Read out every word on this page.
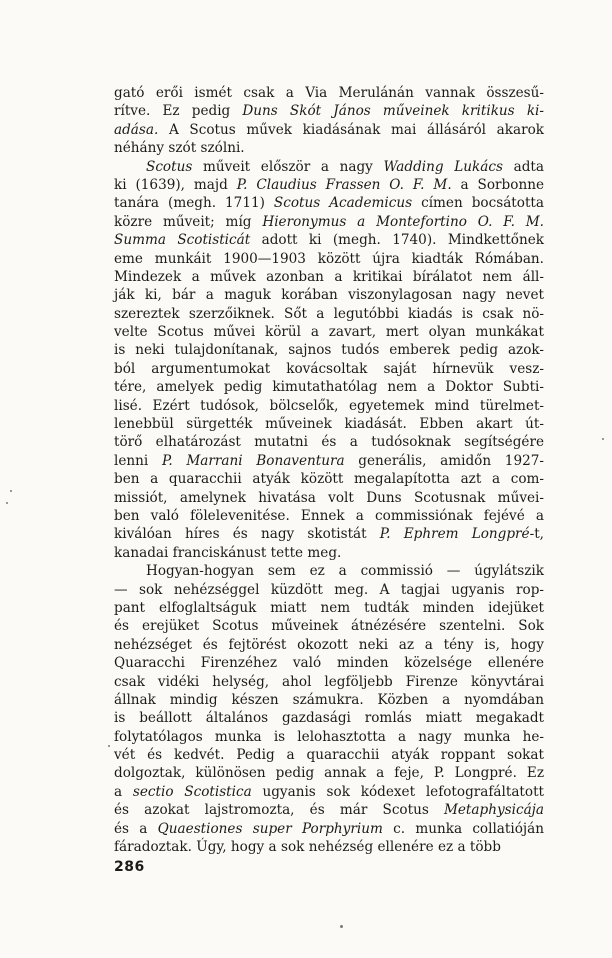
gató erői ismét csak a Via Merulánán vannak összesű-
rítve. Ez pedig Duns Skót János műveinek kritikus ki-
adása. A Scotus művek kiadásának mai állásáról akarok
néhány szót szólni.
Scotus műveit először a nagy Wadding Lukács adta
ki (1639), majd P. Claudius Frassen O. F. M. a Sorbonne
tanára (megh. 1711) Scotus Academicus címen bocsátotta
közre műveit; míg Hieronymus a Montefortino O. F. M.
Summa Scotisticát adott ki (megh. 1740). Mindkettőnek
eme munkáit 1900—1903 között újra kiadták Rómában.
Mindezek a művek azonban a kritikai bírálatot nem áll-
ják ki, bár a maguk korában viszonylagosan nagy nevet
szereztek szerzőiknek. Sőt a legutóbbi kiadás is csak nö-
velte Scotus művei körül a zavart, mert olyan munkákat
is neki tulajdonítanak, sajnos tudós emberek pedig azok-
ból argumentumokat kovácsoltak saját hírnevük vesz-
tére, amelyek pedig kimutathatólag nem a Doktor Subti-
lisé. Ezért tudósok, bölcselők, egyetemek mind türelmet-
lenebbül sürgették műveinek kiadását. Ebben akart út-
törő elhatározást mutatni és a tudósoknak segítségére
lenni P. Marrani Bonaventura generális, amidőn 1927-
ben a quaracchii atyák között megalapította azt a com-
missiót, amelynek hivatása volt Duns Scotusnak művei-
ben való fölelevenitése. Ennek a commissiónak fejévé a
kiválóan híres és nagy skotistát P. Ephrem Longpré-t,
kanadai franciskánust tette meg.
Hogyan-hogyan sem ez a commissió — úgylátszik
— sok nehézséggel küzdött meg. A tagjai ugyanis rop-
pant elfoglaltságuk miatt nem tudták minden idejüket
és erejüket Scotus műveinek átnézésére szentelni. Sok
nehézséget és fejtörést okozott neki az a tény is, hogy
Quaracchi Firenzéhez való minden közelsége ellenére
csak vidéki helység, ahol legföljebb Firenze könyvtárai
állnak mindig készen számukra. Közben a nyomdában
is beállott általános gazdasági romlás miatt megakadt
folytatólagos munka is lelohasztotta a nagy munka he-
vét és kedvét. Pedig a quaracchii atyák roppant sokat
dolgoztak, különösen pedig annak a feje, P. Longpré. Ez
a sectio Scotistica ugyanis sok kódexet lefotografáltatott
és azokat lajstromozta, és már Scotus Metaphysicája
és a Quaestiones super Porphyrium c. munka collatióján
fáradoztak. Úgy, hogy a sok nehézség ellenére ez a több
286
